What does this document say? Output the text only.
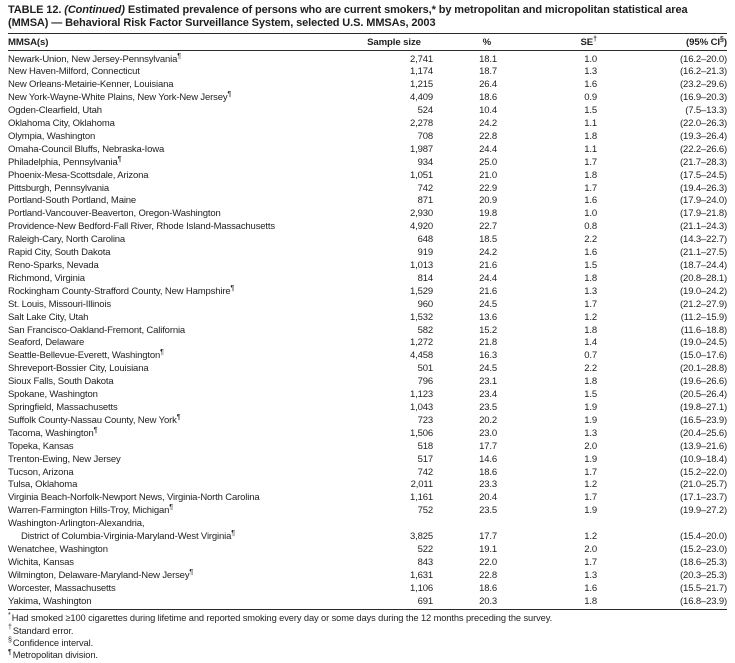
TABLE 12. (Continued) Estimated prevalence of persons who are current smokers,* by metropolitan and micropolitan statistical area (MMSA) — Behavioral Risk Factor Surveillance System, selected U.S. MMSAs, 2003
MMSA(s)	Sample size	%	SE†	(95% CI§)

Newark-Union, New Jersey-Pennsylvania¶	2,741	18.1	1.0	(16.2–20.0)

New Haven-Milford, Connecticut	1,174	18.7	1.3	(16.2–21.3)

New Orleans-Metairie-Kenner, Louisiana	1,215	26.4	1.6	(23.2–29.6)

New York-Wayne-White Plains, New York-New Jersey¶	4,409	18.6	0.9	(16.9–20.3)

Ogden-Clearfield, Utah	524	10.4	1.5	(7.5–13.3)

Oklahoma City, Oklahoma	2,278	24.2	1.1	(22.0–26.3)

Olympia, Washington	708	22.8	1.8	(19.3–26.4)

Omaha-Council Bluffs, Nebraska-Iowa	1,987	24.4	1.1	(22.2–26.6)

Philadelphia, Pennsylvania¶	934	25.0	1.7	(21.7–28.3)

Phoenix-Mesa-Scottsdale, Arizona	1,051	21.0	1.8	(17.5–24.5)

Pittsburgh, Pennsylvania	742	22.9	1.7	(19.4–26.3)

Portland-South Portland, Maine	871	20.9	1.6	(17.9–24.0)

Portland-Vancouver-Beaverton, Oregon-Washington	2,930	19.8	1.0	(17.9–21.8)

Providence-New Bedford-Fall River, Rhode Island-Massachusetts	4,920	22.7	0.8	(21.1–24.3)

Raleigh-Cary, North Carolina	648	18.5	2.2	(14.3–22.7)

Rapid City, South Dakota	919	24.2	1.6	(21.1–27.5)

Reno-Sparks, Nevada	1,013	21.6	1.5	(18.7–24.4)

Richmond, Virginia	814	24.4	1.8	(20.8–28.1)

Rockingham County-Strafford County, New Hampshire¶	1,529	21.6	1.3	(19.0–24.2)

St. Louis, Missouri-Illinois	960	24.5	1.7	(21.2–27.9)

Salt Lake City, Utah	1,532	13.6	1.2	(11.2–15.9)

San Francisco-Oakland-Fremont, California	582	15.2	1.8	(11.6–18.8)

Seaford, Delaware	1,272	21.8	1.4	(19.0–24.5)

Seattle-Bellevue-Everett, Washington¶	4,458	16.3	0.7	(15.0–17.6)

Shreveport-Bossier City, Louisiana	501	24.5	2.2	(20.1–28.8)

Sioux Falls, South Dakota	796	23.1	1.8	(19.6–26.6)

Spokane, Washington	1,123	23.4	1.5	(20.5–26.4)

Springfield, Massachusetts	1,043	23.5	1.9	(19.8–27.1)

Suffolk County-Nassau County, New York¶	723	20.2	1.9	(16.5–23.9)

Tacoma, Washington¶	1,506	23.0	1.3	(20.4–25.6)

Topeka, Kansas	518	17.7	2.0	(13.9–21.6)

Trenton-Ewing, New Jersey	517	14.6	1.9	(10.9–18.4)

Tucson, Arizona	742	18.6	1.7	(15.2–22.0)

Tulsa, Oklahoma	2,011	23.3	1.2	(21.0–25.7)

Virginia Beach-Norfolk-Newport News, Virginia-North Carolina	1,161	20.4	1.7	(17.1–23.7)

Warren-Farmington Hills-Troy, Michigan¶	752	23.5	1.9	(19.9–27.2)

Washington-Arlington-Alexandria,
District of Columbia-Virginia-Maryland-West Virginia¶	3,825	17.7	1.2	(15.4–20.0)

Wenatchee, Washington	522	19.1	2.0	(15.2–23.0)

Wichita, Kansas	843	22.0	1.7	(18.6–25.3)

Wilmington, Delaware-Maryland-New Jersey¶	1,631	22.8	1.3	(20.3–25.3)

Worcester, Massachusetts	1,106	18.6	1.6	(15.5–21.7)

Yakima, Washington	691	20.3	1.8	(16.8–23.9)
*Had smoked ≥100 cigarettes during lifetime and reported smoking every day or some days during the 12 months preceding the survey.
†Standard error.
§Confidence interval.
¶Metropolitan division.
